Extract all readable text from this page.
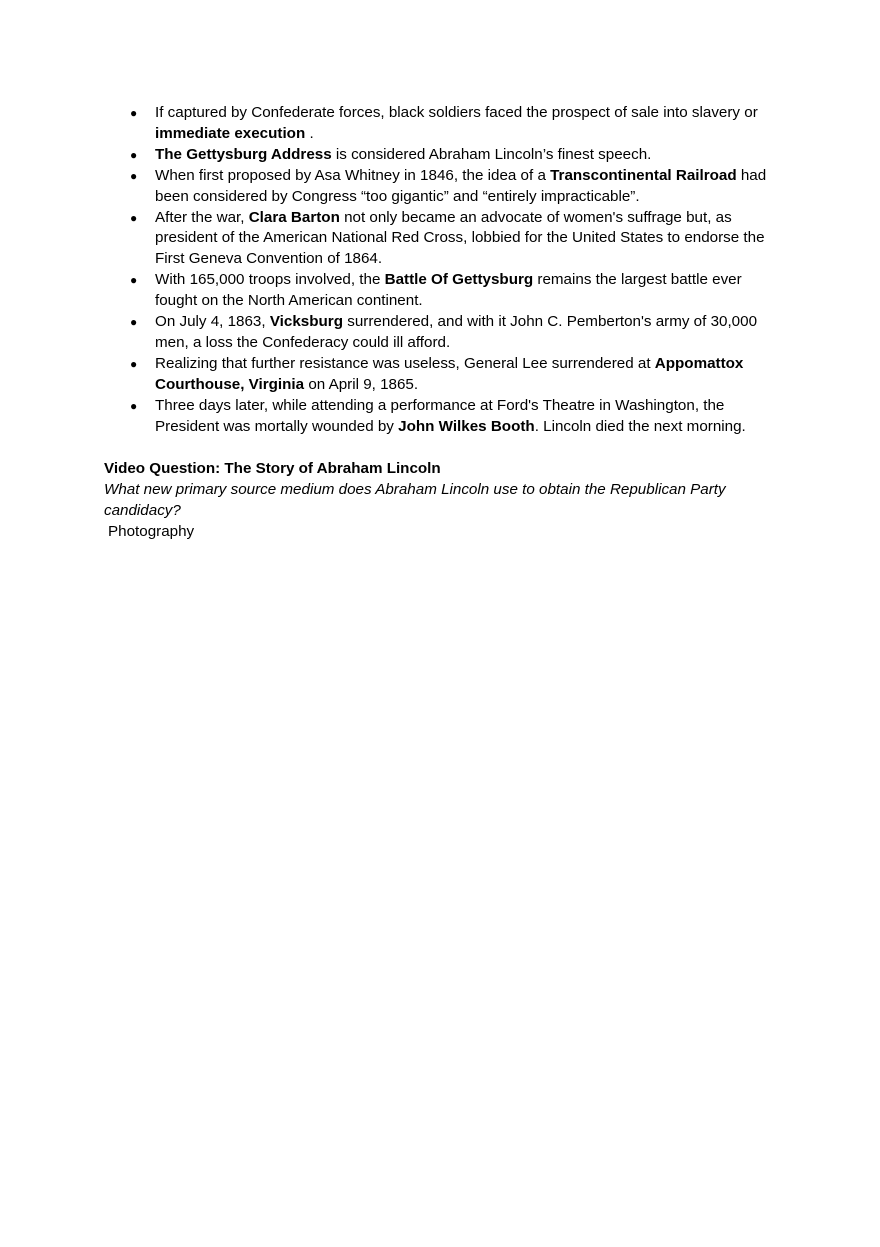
● If captured by Confederate forces, black soldiers faced the prospect of sale into slavery or immediate execution .
● The Gettysburg Address is considered Abraham Lincoln’s finest speech.
● When first proposed by Asa Whitney in 1846, the idea of a Transcontinental Railroad had been considered by Congress “too gigantic” and “entirely impracticable”.
● After the war, Clara Barton not only became an advocate of women's suffrage but, as president of the American National Red Cross, lobbied for the United States to endorse the First Geneva Convention of 1864.
● With 165,000 troops involved, the Battle Of Gettysburg remains the largest battle ever fought on the North American continent.
● On July 4, 1863, Vicksburg surrendered, and with it John C. Pemberton's army of 30,000 men, a loss the Confederacy could ill afford.
● Realizing that further resistance was useless, General Lee surrendered at Appomattox Courthouse, Virginia on April 9, 1865.
● Three days later, while attending a performance at Ford's Theatre in Washington, the President was mortally wounded by John Wilkes Booth. Lincoln died the next morning.
Video Question: The Story of Abraham Lincoln
What new primary source medium does Abraham Lincoln use to obtain the Republican Party candidacy?
Photography
